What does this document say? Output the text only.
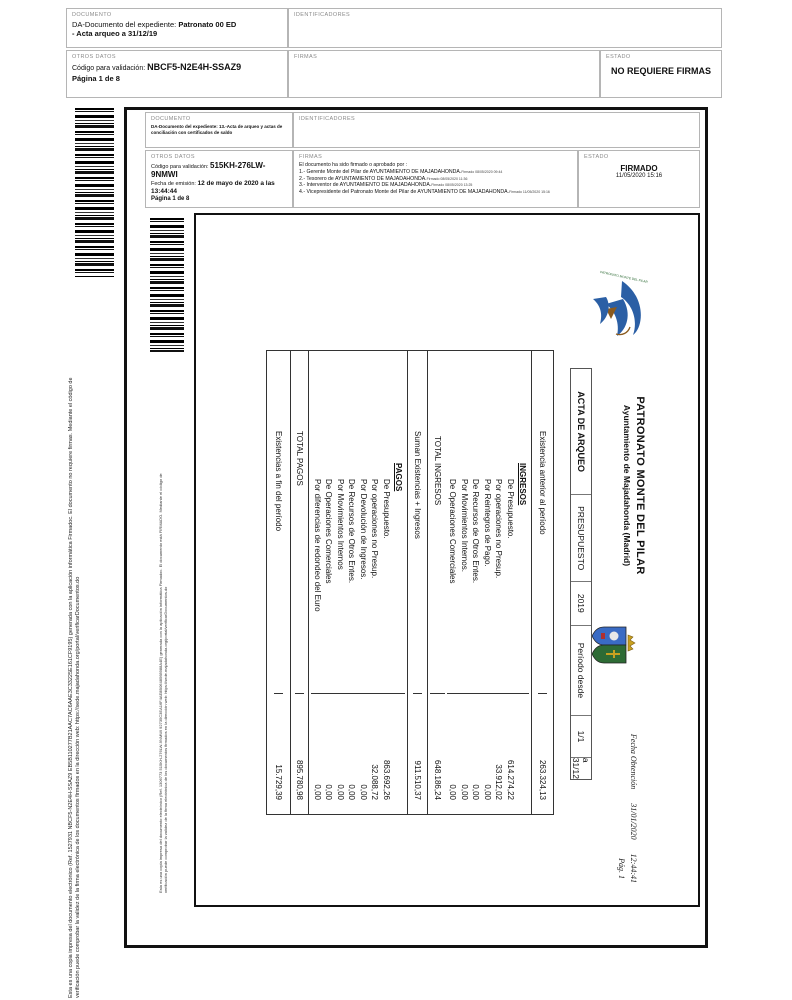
DOCUMENTO
DA-Documento del expediente: Patronato 00 ED
- Acta arqueo a 31/12/19
IDENTIFICADORES
OTROS DATOS
Código para validación: NBCF5-N2E4H-SSAZ9
Página 1 de 8
FIRMAS	ESTADO
NO REQUIERE FIRMAS
Esta es una copia impresa del documento electrónico (Ref. 1527931 NBCF5-N2E4H-SSAZ9 EB5B110277B21AAC7AC6AAE3C33225E161CF9195) generada con la aplicación informática Firmadoc. El documento no requiere firmas. Mediante el código de verificación puede comprobar la validez de la firma electrónica de los documentos firmados en la dirección web: https://sede.majadahonda.org/portal/verificarDocumentos.do
DOCUMENTO
DA-Documento del expediente: 13.-Acta de arqueo y actas de conciliación con certificados de saldo
IDENTIFICADORES
OTROS DATOS
Código para validación: 515KH-276LW-9NMWI
Fecha de emisión: 12 de mayo de 2020 a las 13:44:44
Página 1 de 8
FIRMAS
El documento ha sido firmado o aprobado por :
1.- Gerente Monte del Pilar de AYUNTAMIENTO DE MAJADAHONDA.Firmado 08/05/2020 09:44
2.- Tesorero de AYUNTAMIENTO DE MAJADAHONDA.Firmado 08/05/2020 11:36
3.- Interventor de AYUNTAMIENTO DE MAJADAHONDA.Firmado 08/05/2020 13:25
4.- Vicepresidente del Patronato Monte del Pilar de AYUNTAMIENTO DE MAJADAHONDA.Firmado 11/05/2020 15:16
ESTADO
FIRMADO
11/05/2020 15:16
Esta es una copia impresa del documento electrónico (Ref. 1306773 515KH-276LW-9NMWI 92735C3EA16F4AE8B0648568988A4E) generada con la aplicación informática Firmadoc. El documento está FIRMADO. Mediante el código de verificación puede comprobar la validez de la firma electrónica de los documentos firmados en la dirección web: https://sede.majadahonda.org/portal/verificarDocumentos.do
PATRONATO MONTE DEL PILAR
PATRONATO MONTE DEL PILAR
Ayuntamiento de Majadahonda (Madrid)
Fecha Obtención31/01/202012:44:41
Pág. 1
ACTA DE ARQUEO
PRESUPUESTO
2019
Período desde
1/1
a 31/12
Existencia anterior al período
263.324,13
INGRESOS
De Presupuesto.
614.274,22
Por operaciones no Presup.
33.912,02
Por Reintegros de Pago.
0,00
De Recursos de Otros Entes.
0,00
Por Movimientos Internos.
0,00
De Operaciones Comerciales
0,00
TOTAL INGRESOS
648.186,24
Suman Existencias + Ingresos
911.510,37
PAGOS
De Presupuesto.
863.692,26
Por operaciones no Presup.
32.088,72
Por Devolución de Ingresos.
0,00
De Recursos de Otros Entes.
0,00
Por Movimientos Internos
0,00
De Operaciones Comerciales
0,00
Por diferencias de redondeo del Euro
0,00
TOTAL PAGOS
895.780,98
Existencias a fin del período
15.729,39
